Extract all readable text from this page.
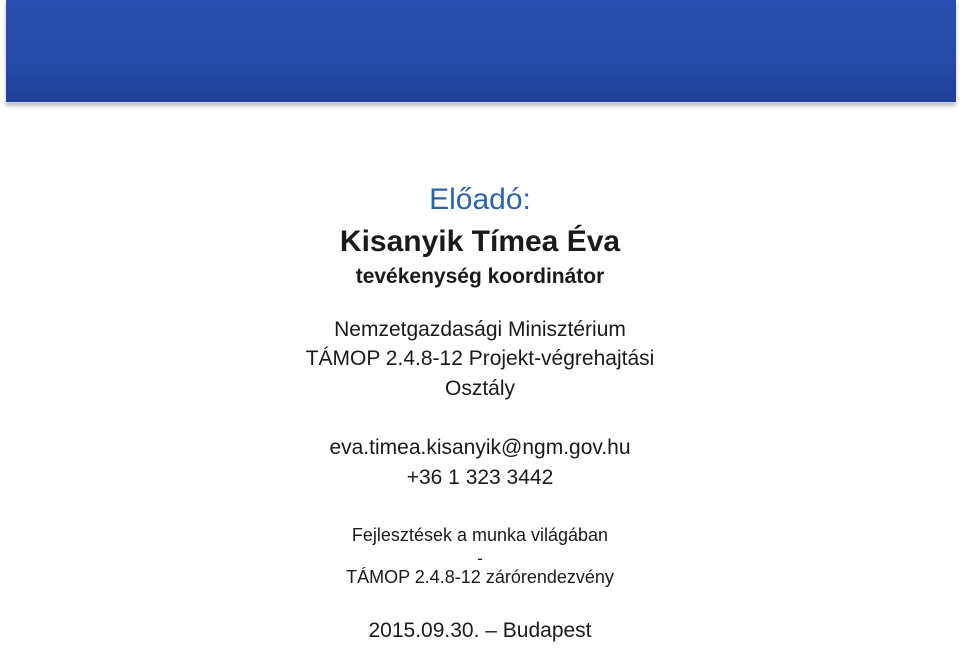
Előadó:
Kisanyik Tímea Éva
tevékenység koordinátor
Nemzetgazdasági Minisztérium
TÁMOP 2.4.8-12 Projekt-végrehajtási
Osztály
eva.timea.kisanyik@ngm.gov.hu
+36 1 323 3442
Fejlesztések a munka világában
-
TÁMOP 2.4.8-12 zárórendezvény
2015.09.30. – Budapest
